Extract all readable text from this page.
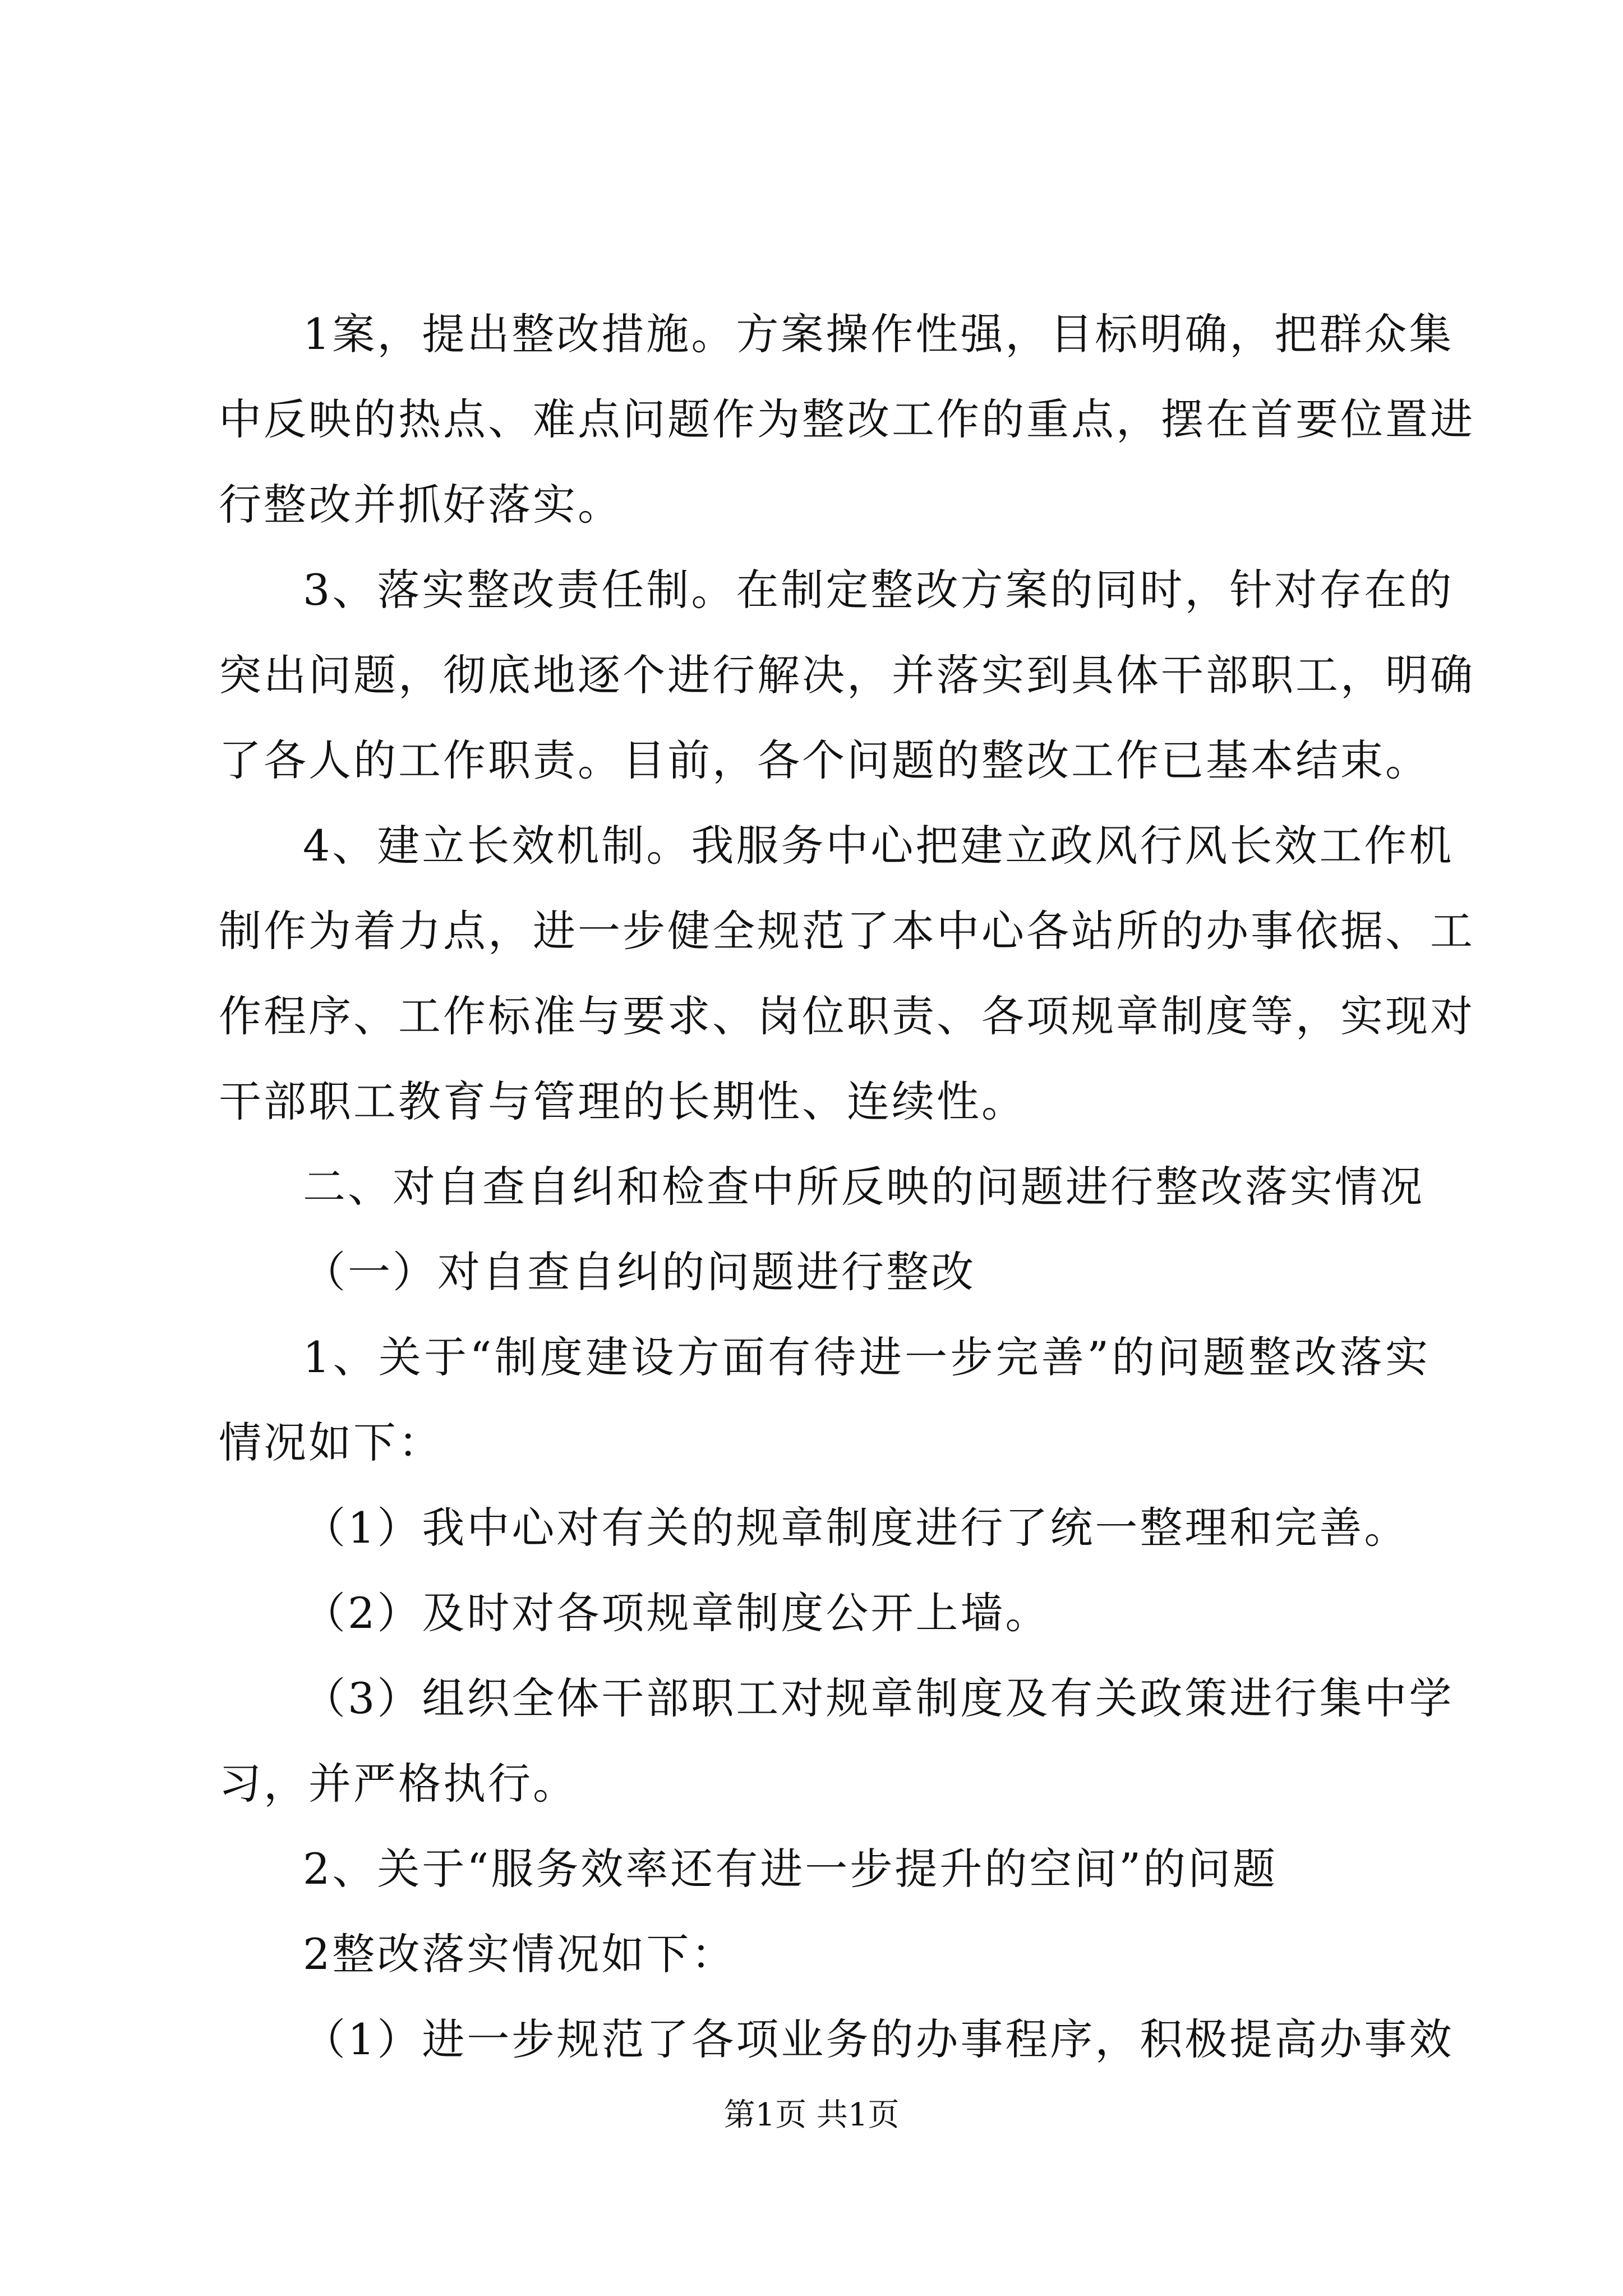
1案，提出整改措施。方案操作性强，目标明确，把群众集
中反映的热点、难点问题作为整改工作的重点，摆在首要位置进
行整改并抓好落实。
3、落实整改责任制。在制定整改方案的同时，针对存在的
突出问题，彻底地逐个进行解决，并落实到具体干部职工，明确
了各人的工作职责。目前，各个问题的整改工作已基本结束。
4、建立长效机制。我服务中心把建立政风行风长效工作机
制作为着力点，进一步健全规范了本中心各站所的办事依据、工
作程序、工作标准与要求、岗位职责、各项规章制度等，实现对
干部职工教育与管理的长期性、连续性。
二、对自查自纠和检查中所反映的问题进行整改落实情况
（一）对自查自纠的问题进行整改
1、关于“制度建设方面有待进一步完善”的问题整改落实
情况如下：
（1）我中心对有关的规章制度进行了统一整理和完善。
（2）及时对各项规章制度公开上墙。
（3）组织全体干部职工对规章制度及有关政策进行集中学
习，并严格执行。
2、关于“服务效率还有进一步提升的空间”的问题
2整改落实情况如下：
（1）进一步规范了各项业务的办事程序，积极提高办事效
第1页 共1页
